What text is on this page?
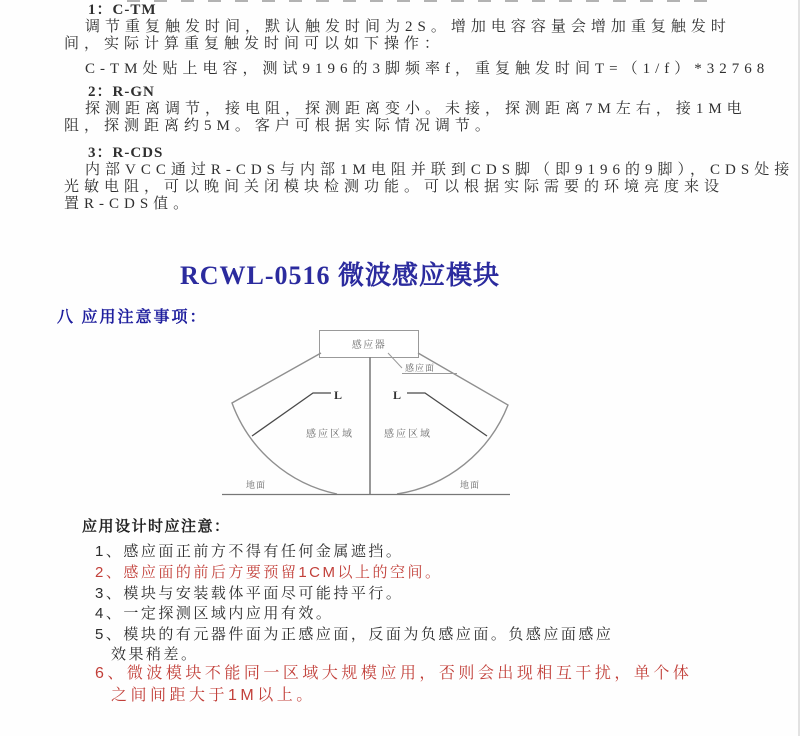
1：C-TM
调节重复触发时间，默认触发时间为2S。增加电容容量会增加重复触发时
间，实际计算重复触发时间可以如下操作：
C-TM处贴上电容，测试9196的3脚频率f，重复触发时间T=（1/f）*32768
2：R-GN
探测距离调节，接电阻，探测距离变小。未接，探测距离7M左右，接1M电
阻，探测距离约5M。客户可根据实际情况调节。
3：R-CDS
内部VCC通过R-CDS与内部1M电阻并联到CDS脚（即9196的9脚），CDS处接
光敏电阻，可以晚间关闭模块检测功能。可以根据实际需要的环境亮度来设
置R-CDS值。
RCWL-0516 微波感应模块
八 应用注意事项：
感应器
L	L
感应面
感应区域	感应区域
地面	地面
应用设计时应注意：
1、感应面正前方不得有任何金属遮挡。
2、感应面的前后方要预留1CM以上的空间。
3、模块与安装载体平面尽可能持平行。
4、一定探测区域内应用有效。
5、模块的有元器件面为正感应面，反面为负感应面。负感应面感应
效果稍差。
6、微波模块不能同一区域大规模应用，否则会出现相互干扰，单个体
之间间距大于1M以上。
